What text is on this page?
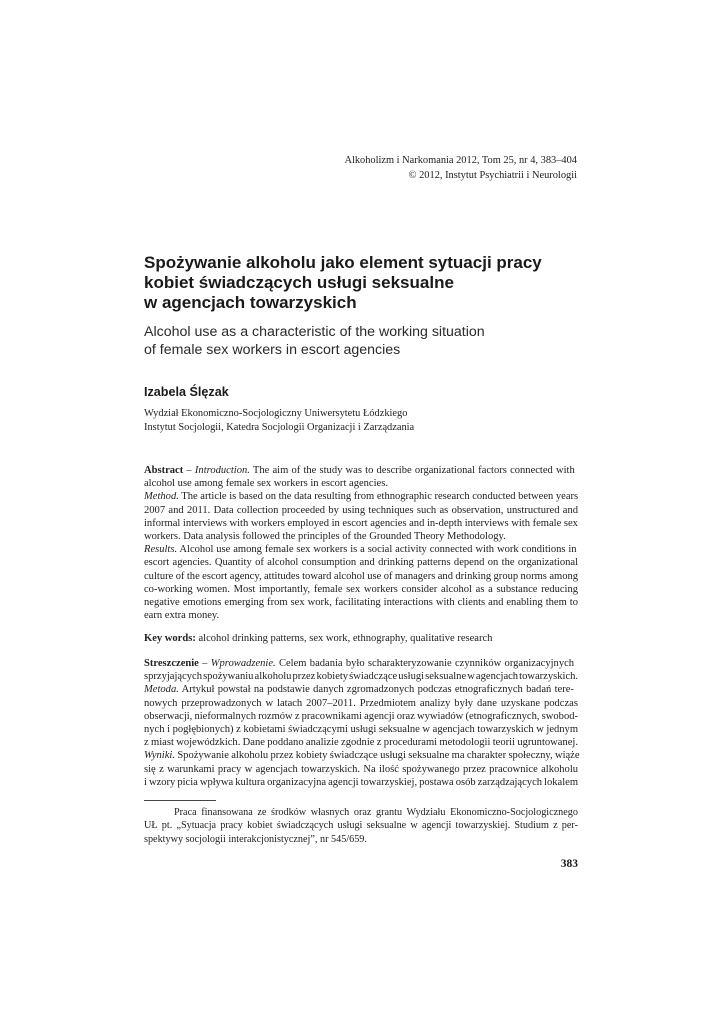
Alkoholizm i Narkomania 2012, Tom 25, nr 4, 383–404
© 2012, Instytut Psychiatrii i Neurologii
Spożywanie alkoholu jako element sytuacji pracy
kobiet świadczących usługi seksualne
w agencjach towarzyskich
Alcohol use as a characteristic of the working situation
of female sex workers in escort agencies
Izabela Ślęzak
Wydział Ekonomiczno-Socjologiczny Uniwersytetu Łódzkiego
Instytut Socjologii, Katedra Socjologii Organizacji i Zarządzania
Abstract – Introduction. The aim of the study was to describe organizational factors connected with
alcohol use among female sex workers in escort agencies.
Method. The article is based on the data resulting from ethnographic research conducted between years
2007 and 2011. Data collection proceeded by using techniques such as observation, unstructured and
informal interviews with workers employed in escort agencies and in-depth interviews with female sex
workers. Data analysis followed the principles of the Grounded Theory Methodology.
Results. Alcohol use among female sex workers is a social activity connected with work conditions in
escort agencies. Quantity of alcohol consumption and drinking patterns depend on the organizational
culture of the escort agency, attitudes toward alcohol use of managers and drinking group norms among
co-working women. Most importantly, female sex workers consider alcohol as a substance reducing
negative emotions emerging from sex work, facilitating interactions with clients and enabling them to
earn extra money.
Key words: alcohol drinking patterns, sex work, ethnography, qualitative research
Streszczenie – Wprowadzenie. Celem badania było scharakteryzowanie czynników organizacyjnych
sprzyjających spożywaniu alkoholu przez kobiety świadczące usługi seksualne w agencjach towarzyskich.
Metoda. Artykuł powstał na podstawie danych zgromadzonych podczas etnograficznych badań tere-
nowych przeprowadzonych w latach 2007–2011. Przedmiotem analizy były dane uzyskane podczas
obserwacji, nieformalnych rozmów z pracownikami agencji oraz wywiadów (etnograficznych, swobod-
nych i pogłębionych) z kobietami świadczącymi usługi seksualne w agencjach towarzyskich w jednym
z miast wojewódzkich. Dane poddano analizie zgodnie z procedurami metodologii teorii ugruntowanej.
Wyniki. Spożywanie alkoholu przez kobiety świadczące usługi seksualne ma charakter społeczny, wiąże
się z warunkami pracy w agencjach towarzyskich. Na ilość spożywanego przez pracownice alkoholu
i wzory picia wpływa kultura organizacyjna agencji towarzyskiej, postawa osób zarządzających lokalem
Praca finansowana ze środków własnych oraz grantu Wydziału Ekonomiczno-Socjologicznego
UŁ pt. „Sytuacja pracy kobiet świadczących usługi seksualne w agencji towarzyskiej. Studium z per-
spektywy socjologii interakcjonistycznej”, nr 545/659.
383
